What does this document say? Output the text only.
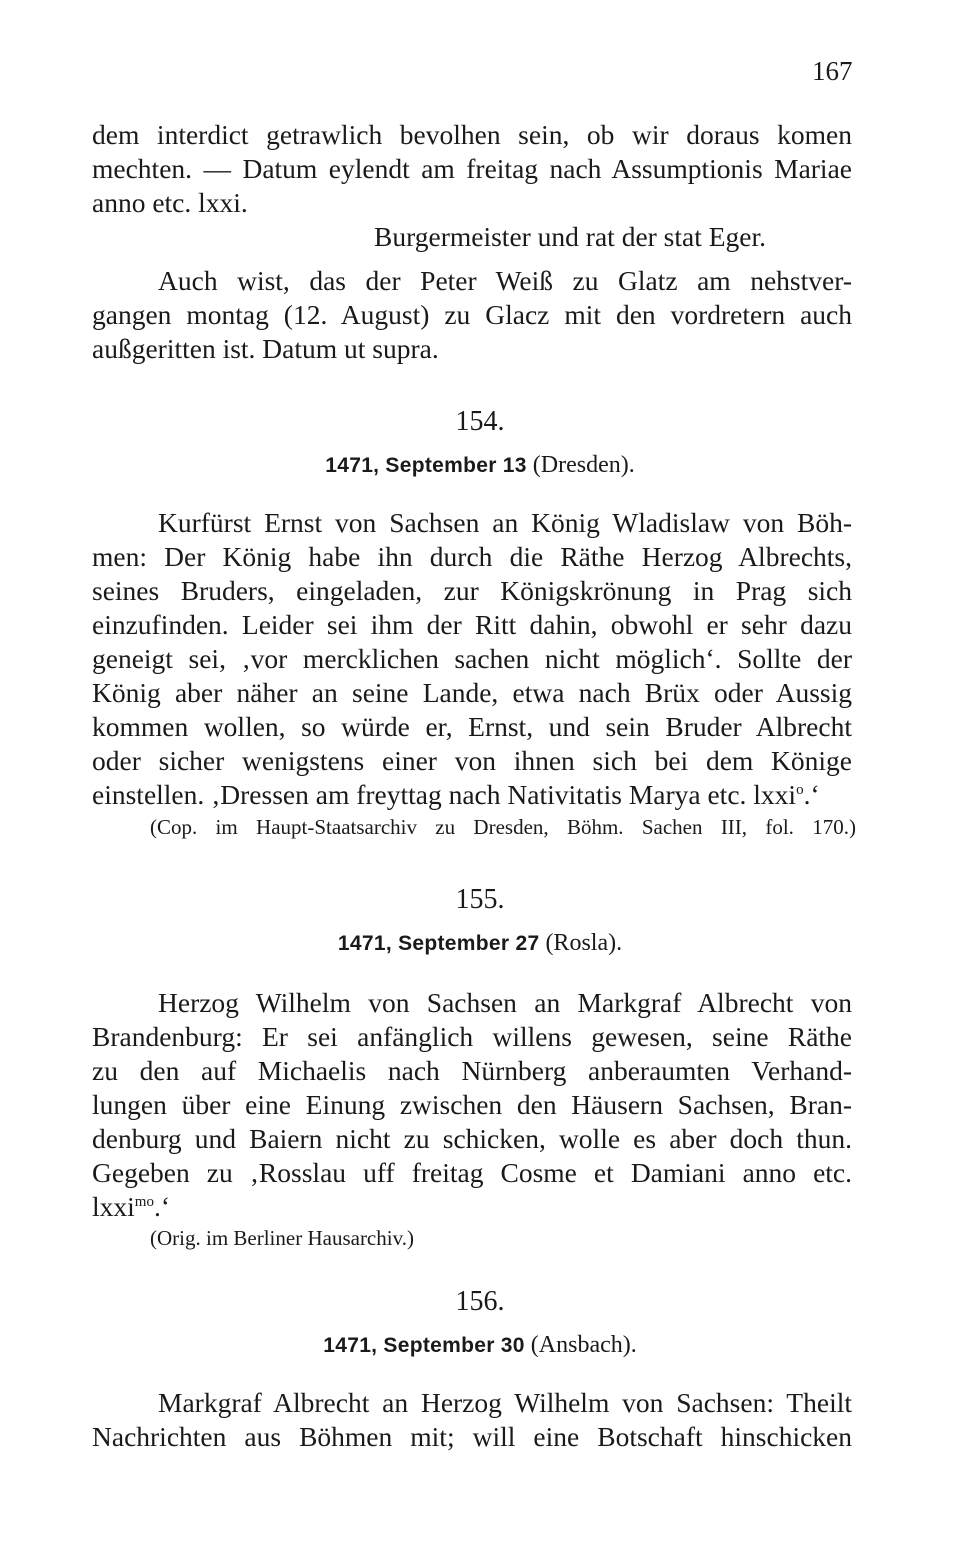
167
dem interdict getrawlich bevolhen sein, ob wir doraus komen
mechten. — Datum eylendt am freitag nach Assumptionis Mariae
anno etc. lxxi.
Burgermeister und rat der stat Eger.
Auch wist, das der Peter Weiß zu Glatz am nehstver-
gangen montag (12. August) zu Glacz mit den vordretern auch
außgeritten ist. Datum ut supra.
154.
1471, September 13 (Dresden).
Kurfürst Ernst von Sachsen an König Wladislaw von Böh-
men: Der König habe ihn durch die Räthe Herzog Albrechts,
seines Bruders, eingeladen, zur Königskrönung in Prag sich
einzufinden. Leider sei ihm der Ritt dahin, obwohl er sehr dazu
geneigt sei, ‚vor mercklichen sachen nicht möglich‘. Sollte der
König aber näher an seine Lande, etwa nach Brüx oder Aussig
kommen wollen, so würde er, Ernst, und sein Bruder Albrecht
oder sicher wenigstens einer von ihnen sich bei dem Könige
einstellen. ‚Dressen am freyttag nach Nativitatis Marya etc. lxxi$^o$.‘
(Cop. im Haupt-Staatsarchiv zu Dresden, Böhm. Sachen III, fol. 170.)
155.
1471, September 27 (Rosla).
Herzog Wilhelm von Sachsen an Markgraf Albrecht von
Brandenburg: Er sei anfänglich willens gewesen, seine Räthe
zu den auf Michaelis nach Nürnberg anberaumten Verhand-
lungen über eine Einung zwischen den Häusern Sachsen, Bran-
denburg und Baiern nicht zu schicken, wolle es aber doch thun.
Gegeben zu ‚Rosslau uff freitag Cosme et Damiani anno etc.
lxxi$^{mo}$.‘
(Orig. im Berliner Hausarchiv.)
156.
1471, September 30 (Ansbach).
Markgraf Albrecht an Herzog Wilhelm von Sachsen: Theilt
Nachrichten aus Böhmen mit; will eine Botschaft hinschicken
